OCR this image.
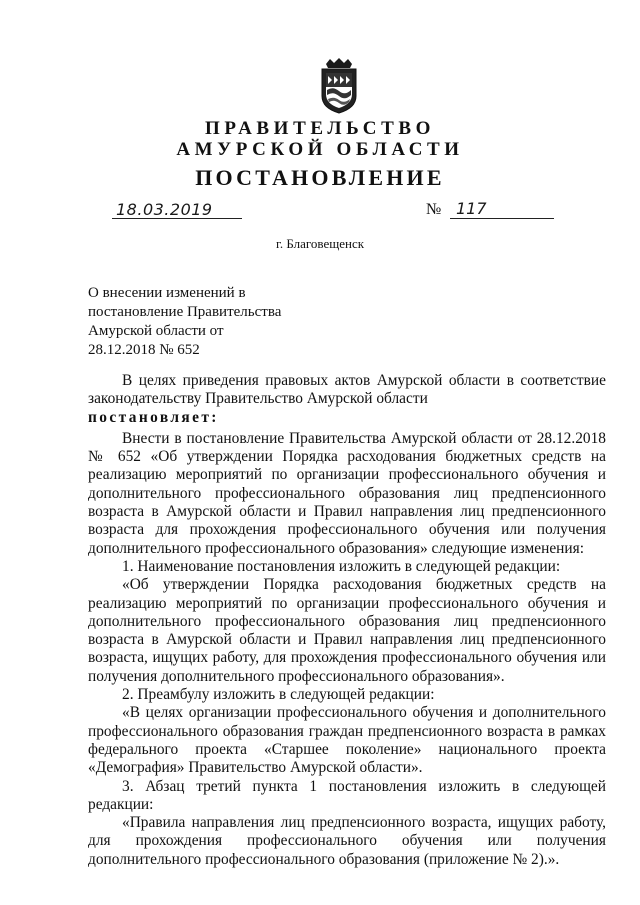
ПРАВИТЕЛЬСТВО
АМУРСКОЙ ОБЛАСТИ
ПОСТАНОВЛЕНИЕ
18.03.2019	№ 117
г. Благовещенск
О внесении изменений в
постановление Правительства
Амурской области от
28.12.2018 № 652

В целях приведения правовых актов Амурской области в соответствие

законодательству Правительство Амурской области

постановляет:

Внести в постановление Правительства Амурской области от 28.12.2018

№ 652 «Об утверждении Порядка расходования бюджетных средств на

реализацию мероприятий по организации профессионального обучения и

дополнительного профессионального образования лиц предпенсионного

возраста в Амурской области и Правил направления лиц предпенсионного

возраста для прохождения профессионального обучения или получения

дополнительного профессионального образования» следующие изменения:

1. Наименование постановления изложить в следующей редакции:

«Об утверждении Порядка расходования бюджетных средств на

реализацию мероприятий по организации профессионального обучения и

дополнительного профессионального образования лиц предпенсионного

возраста в Амурской области и Правил направления лиц предпенсионного

возраста, ищущих работу, для прохождения профессионального обучения или

получения дополнительного профессионального образования».

2. Преамбулу изложить в следующей редакции:

«В целях организации профессионального обучения и дополнительного

профессионального образования граждан предпенсионного возраста в рамках

федерального проекта «Старшее поколение» национального проекта

«Демография» Правительство Амурской области».

3. Абзац третий пункта 1 постановления изложить в следующей

редакции:

«Правила направления лиц предпенсионного возраста, ищущих работу,

для прохождения профессионального обучения или получения

дополнительного профессионального образования (приложение № 2).».
